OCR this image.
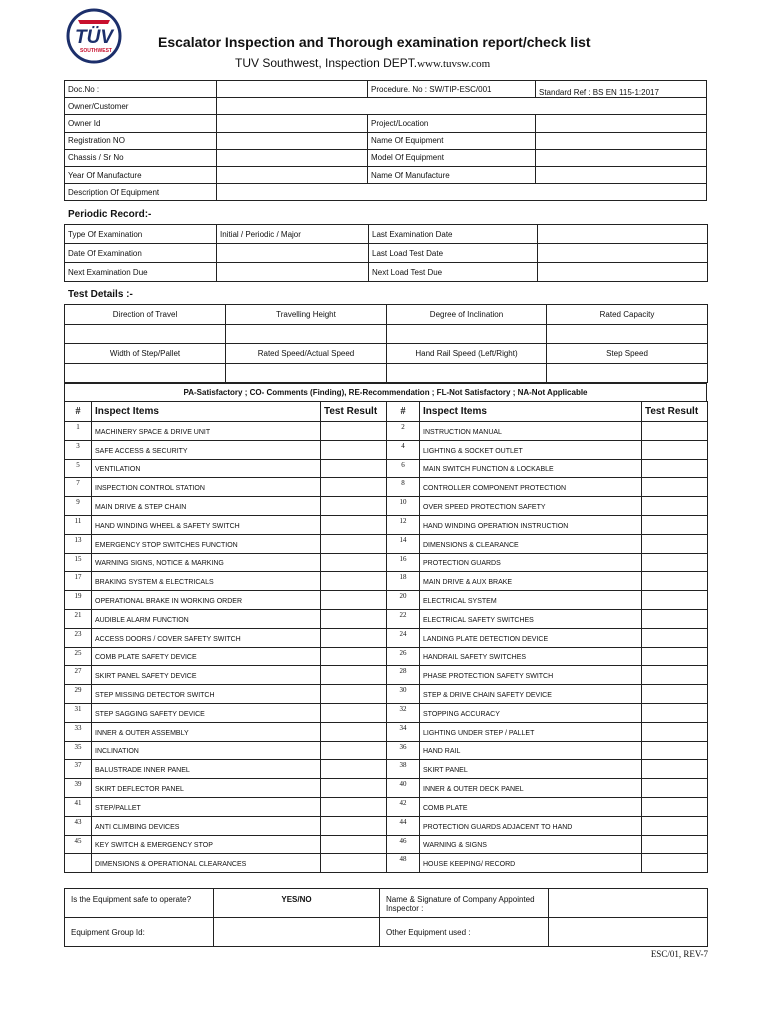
TÜV
SOUTHWEST
Escalator Inspection and Thorough examination report/check list
TUV Southwest, Inspection DEPT.www.tuvsw.com
Doc.No :		Procedure. No : SW/TIP-ESC/001	Standard Ref : BS EN 115-1:2017
Owner/Customer			
Owner Id		Project/Location	
Registration NO		Name Of Equipment	
Chassis / Sr No		Model Of Equipment	
Year Of Manufacture		Name Of Manufacture	
Description Of Equipment			
Periodic Record:-
Type Of Examination	Initial / Periodic / Major	Last Examination Date	
Date Of Examination		Last Load Test Date	
Next Examination Due		Next Load Test Due	
Test Details :-
Direction of Travel	Travelling Height	Degree of Inclination	Rated Capacity

Width of Step/Pallet	Rated Speed/Actual Speed	Hand Rail Speed (Left/Right)	Step Speed

PA-Satisfactory ; CO- Comments (Finding), RE-Recommendation ; FL-Not Satisfactory ; NA-Not Applicable
#	Inspect Items	Test Result	#	Inspect Items	Test Result
1	MACHINERY SPACE & DRIVE UNIT		2	INSTRUCTION MANUAL	
3	SAFE ACCESS & SECURITY		4	LIGHTING & SOCKET OUTLET	
5	VENTILATION		6	MAIN SWITCH FUNCTION & LOCKABLE	
7	INSPECTION CONTROL STATION		8	CONTROLLER COMPONENT PROTECTION	
9	MAIN DRIVE & STEP CHAIN		10	OVER SPEED PROTECTION SAFETY	
11	HAND WINDING WHEEL & SAFETY SWITCH		12	HAND WINDING OPERATION INSTRUCTION	
13	EMERGENCY STOP SWITCHES FUNCTION		14	DIMENSIONS & CLEARANCE	
15	WARNING SIGNS, NOTICE & MARKING		16	PROTECTION GUARDS	
17	BRAKING SYSTEM & ELECTRICALS		18	MAIN DRIVE & AUX BRAKE	
19	OPERATIONAL BRAKE IN WORKING ORDER		20	ELECTRICAL SYSTEM	
21	AUDIBLE ALARM FUNCTION		22	ELECTRICAL SAFETY SWITCHES	
23	ACCESS DOORS / COVER SAFETY SWITCH		24	LANDING PLATE DETECTION DEVICE	
25	COMB PLATE SAFETY DEVICE		26	HANDRAIL SAFETY SWITCHES	
27	SKIRT PANEL SAFETY DEVICE		28	PHASE PROTECTION SAFETY SWITCH	
29	STEP MISSING DETECTOR SWITCH		30	STEP & DRIVE CHAIN SAFETY DEVICE	
31	STEP SAGGING SAFETY DEVICE		32	STOPPING ACCURACY	
33	INNER & OUTER ASSEMBLY		34	LIGHTING UNDER STEP / PALLET	
35	INCLINATION		36	HAND RAIL	
37	BALUSTRADE INNER PANEL		38	SKIRT PANEL	
39	SKIRT DEFLECTOR PANEL		40	INNER & OUTER DECK PANEL	
41	STEP/PALLET		42	COMB PLATE	
43	ANTI CLIMBING DEVICES		44	PROTECTION GUARDS ADJACENT TO HAND	
45	KEY SWITCH & EMERGENCY STOP		46	WARNING & SIGNS	
	DIMENSIONS & OPERATIONAL CLEARANCES		48	HOUSE KEEPING/ RECORD	
Is the Equipment safe to operate?	YES/NO	Name & Signature of Company Appointed Inspector :	
Equipment Group Id:		Other Equipment used :	
ESC/01, REV-7
